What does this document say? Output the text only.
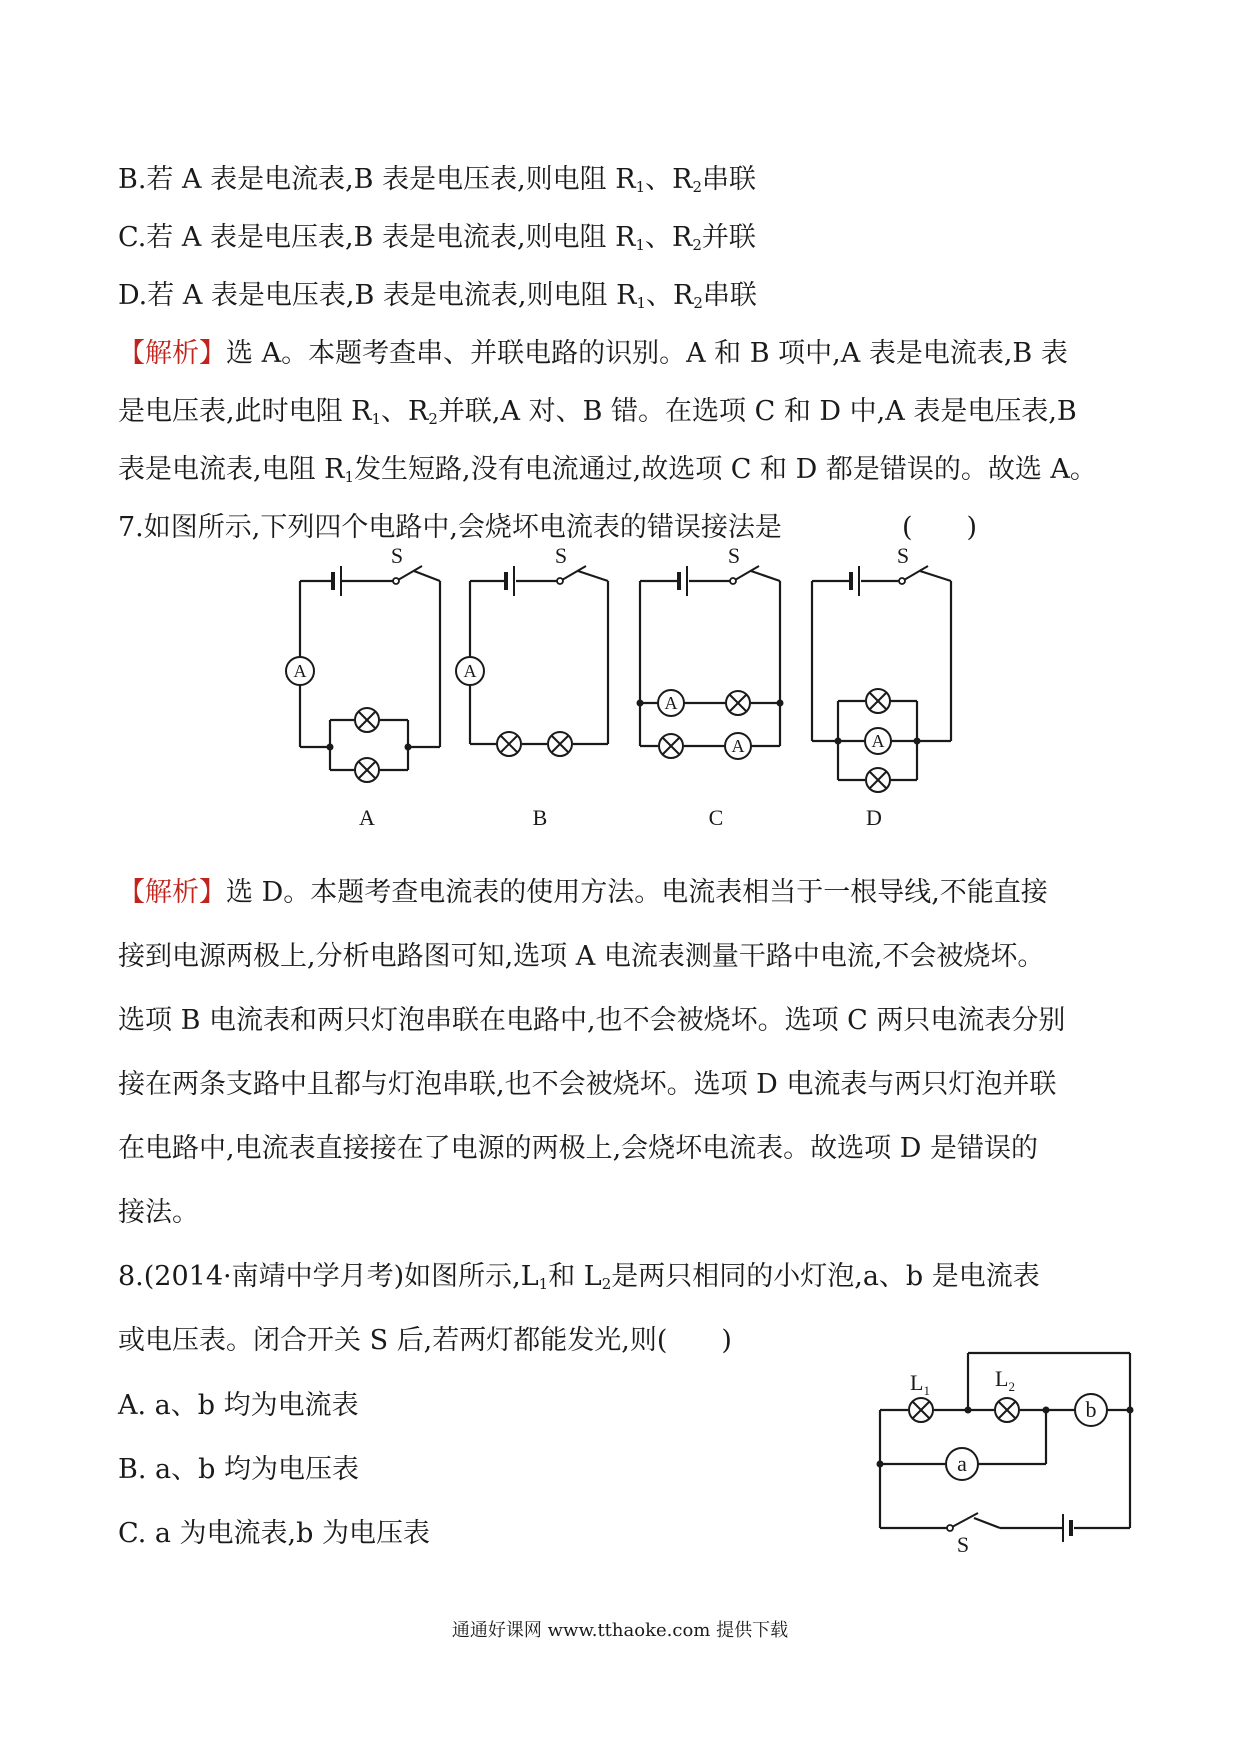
B.若 A 表是电流表,B 表是电压表,则电阻 $R_1$、$R_2$串联
C.若 A 表是电压表,B 表是电流表,则电阻 $R_1$、$R_2$并联
D.若 A 表是电压表,B 表是电流表,则电阻 $R_1$、$R_2$串联
【解析】选 A。本题考查串、并联电路的识别。A 和 B 项中,A 表是电流表,B 表
是电压表,此时电阻 $R_1$、$R_2$并联,A 对、B 错。在选项 C 和 D 中,A 表是电压表,B
表是电流表,电阻 $R_1$发生短路,没有电流通过,故选项 C 和 D 都是错误的。故选 A。
7.如图所示,下列四个电路中,会烧坏电流表的错误接法是	(　　)
A	A
A
A	A
S	S	S	S
A	B	C	D
【解析】选 D。本题考查电流表的使用方法。电流表相当于一根导线,不能直接
接到电源两极上,分析电路图可知,选项 A 电流表测量干路中电流,不会被烧坏。
选项 B 电流表和两只灯泡串联在电路中,也不会被烧坏。选项 C 两只电流表分别
接在两条支路中且都与灯泡串联,也不会被烧坏。选项 D 电流表与两只灯泡并联
在电路中,电流表直接接在了电源的两极上,会烧坏电流表。故选项 D 是错误的
接法。
8.(2014·南靖中学月考)如图所示$,L_1$和 $L_2$是两只相同的小灯泡,a、b 是电流表
或电压表。闭合开关 S 后,若两灯都能发光,则(　　)
A. a、b 均为电流表
B. a、b 均为电压表
C. a 为电流表,b 为电压表
b
a
S
$L_1$	$L_2$
通通好课网 www.tthaoke.com 提供下载
